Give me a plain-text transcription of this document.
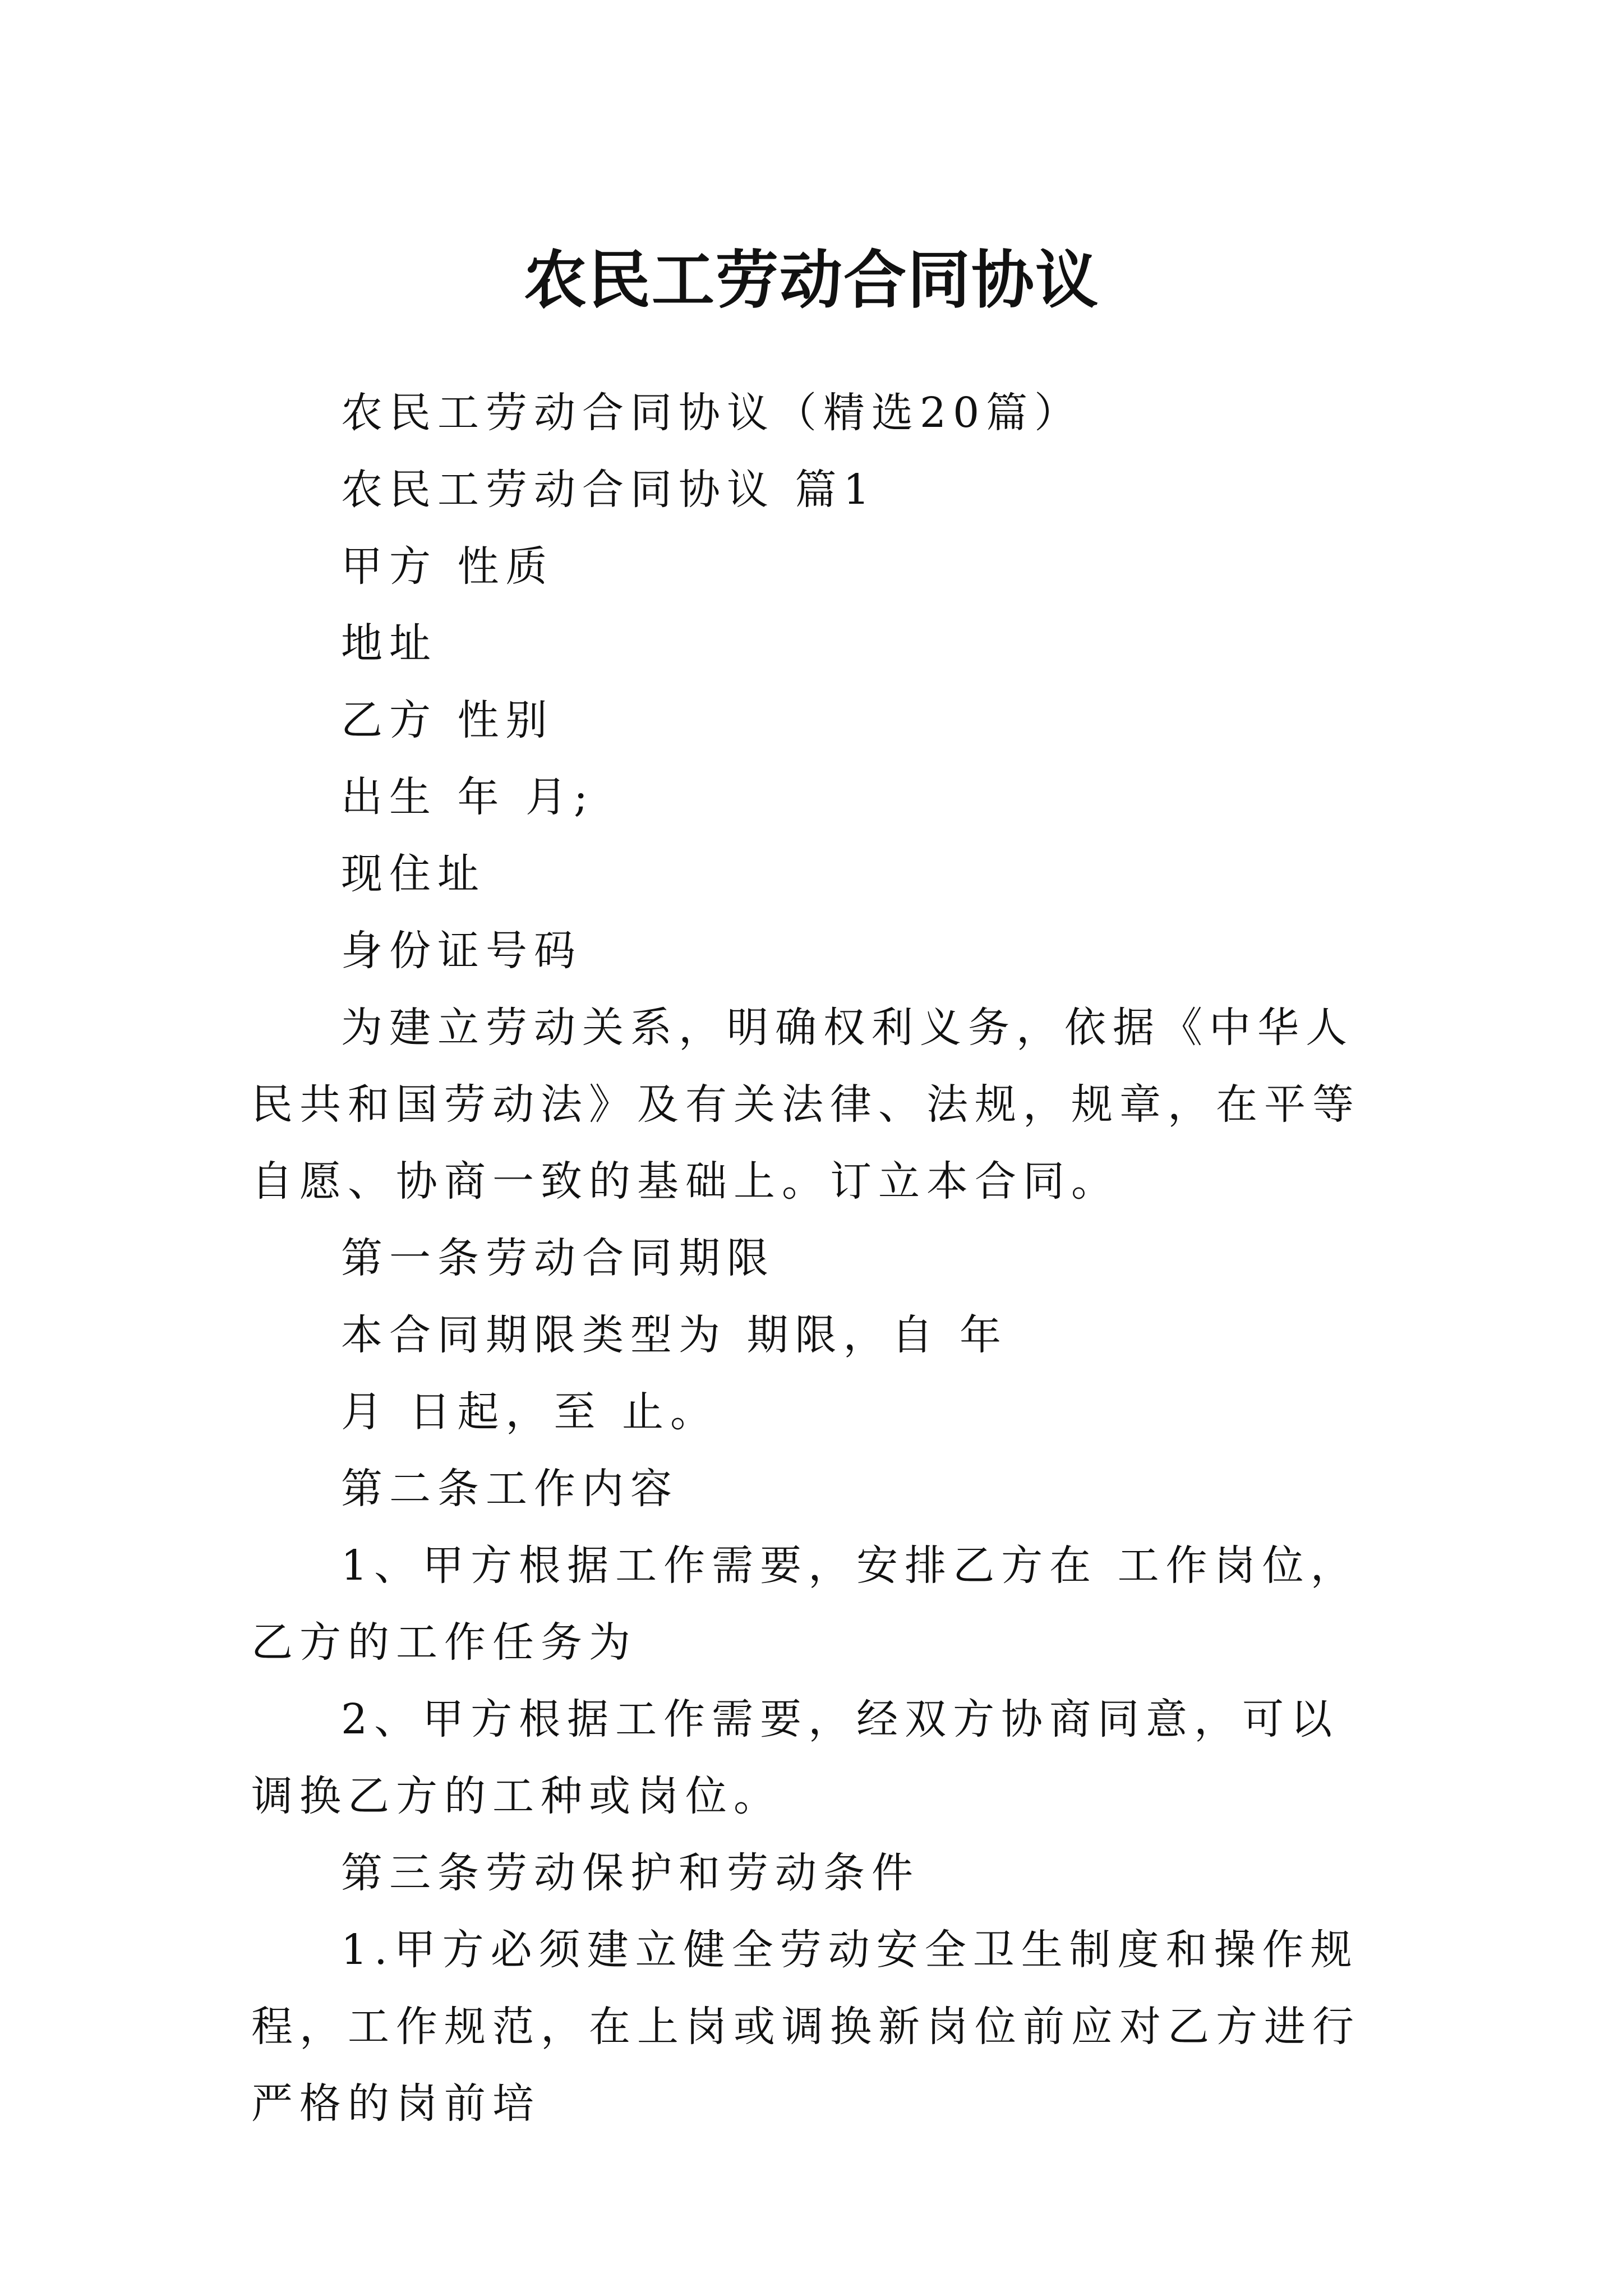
农民工劳动合同协议

农民工劳动合同协议（精选20篇）

农民工劳动合同协议 篇1

甲方 性质

地址

乙方 性别

出生 年 月;

现住址

身份证号码

为建立劳动关系，明确权利义务，依据《中华人民共和国劳动法》及有关法律、法规，规章，在平等自愿、协商一致的基础上。订立本合同。

第一条劳动合同期限

本合同期限类型为 期限，自 年

月 日起，至 止。

第二条工作内容

1、甲方根据工作需要，安排乙方在 工作岗位，乙方的工作任务为

2、甲方根据工作需要，经双方协商同意，可以调换乙方的工种或岗位。

第三条劳动保护和劳动条件

1.甲方必须建立健全劳动安全卫生制度和操作规程，工作规范，在上岗或调换新岗位前应对乙方进行严格的岗前培
